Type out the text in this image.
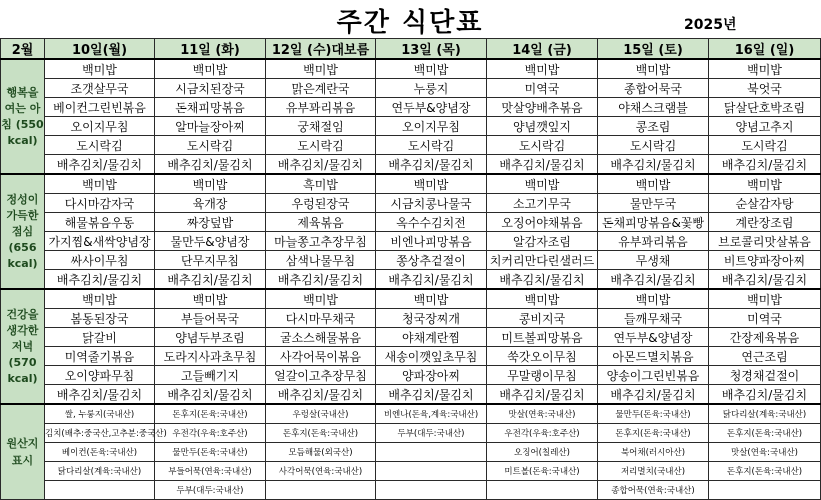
주간 식단표	2025년
2월	10일(월)	11일 (화)	12일 (수)대보름	13일 (목)	14일 (금)	15일 (토)	16일 (일)
행복을 여는 아침 (550 kcal)	백미밥	백미밥	백미밥	백미밥	백미밥	백미밥	백미밥
	조갯살무국	시금치된장국	맑은계란국	누룽지	미역국	종합어묵국	북엇국
	베이컨그린빈볶음	돈채피망볶음	유부꽈리볶음	연두부&양념장	맛살양배추볶음	야채스크램블	닭살단호박조림
	오이지무침	알마늘장아찌	궁채절임	오이지무침	양념깻잎지	콩조림	양념고추지
	도시락김	도시락김	도시락김	도시락김	도시락김	도시락김	도시락김
	배추김치/물김치	배추김치/물김치	배추김치/물김치	배추김치/물김치	배추김치/물김치	배추김치/물김치	배추김치/물김치
정성이 가득한 점심 (656 kcal)	백미밥	백미밥	흑미밥	백미밥	백미밥	백미밥	백미밥
	다시마감자국	육개장	우렁된장국	시금치콩나물국	소고기무국	물만두국	순살감자탕
	해물볶음우동	짜장덮밥	제육볶음	옥수수김치전	오징어야채볶음	돈채피망볶음&꽃빵	계란장조림
	가지찜&새싹양념장	물만두&양념장	마늘쫑고추장무침	비엔나피망볶음	알감자조림	유부꽈리볶음	브로콜리맛살볶음
	싸사이무침	단무지무침	삼색나물무침	쫑상추겉절이	치커리만다린샐러드	무생채	비트양파장아찌
	배추김치/물김치	배추김치/물김치	배추김치/물김치	배추김치/물김치	배추김치/물김치	배추김치/물김치	배추김치/물김치
건강을 생각한 저녁 (570 kcal)	백미밥	백미밥	백미밥	백미밥	백미밥	백미밥	백미밥
	봄동된장국	부들어묵국	다시마무채국	청국장찌개	콩비지국	들깨무채국	미역국
	닭갈비	양념두부조림	굴소스해물볶음	야채계란찜	미트볼피망볶음	연두부&양념장	간장제육볶음
	미역줄기볶음	도라지사과초무침	사각어묵이볶음	새송이깻잎초무침	쑥갓오이무침	아몬드멸치볶음	연근조림
	오이양파무침	고들빼기지	얼갈이고추장무침	양파장아찌	무말랭이무침	양송이그린빈볶음	청경채겉절이
	배추김치/물김치	배추김치/물김치	배추김치/물김치	배추김치/물김치	배추김치/물김치	배추김치/물김치	배추김치/물김치
원산지 표시	쌀, 누룽지(국내산)	돈후지(돈육:국내산)	우렁살(국내산)	비엔나(돈육,계육:국내산)	맛살(연육:국내산)	물만두(돈육:국내산)	닭다리살(계육:국내산)
	김치(배추:중국산,고추분:중국산)	우전각(우육:호주산)	돈후지(돈육:국내산)	두부(대두:국내산)	우전각(우육:호주산)	돈후지(돈육:국내산)	돈후지(돈육:국내산)
	베이컨(돈육:국내산)	물만두(돈육:국내산)	모듬해물(외국산)		오징어(칠레산)	북어채(러시아산)	맛살(연육:국내산)
	닭다리살(계육:국내산)	부들어묵(연육:국내산)	사각어묵(연육:국내산)		미트볼(돈육:국내산)	저리멸치(국내산)	돈후지(돈육:국내산)
		두부(대두:국내산)				종합어묵(연육:국내산)	
